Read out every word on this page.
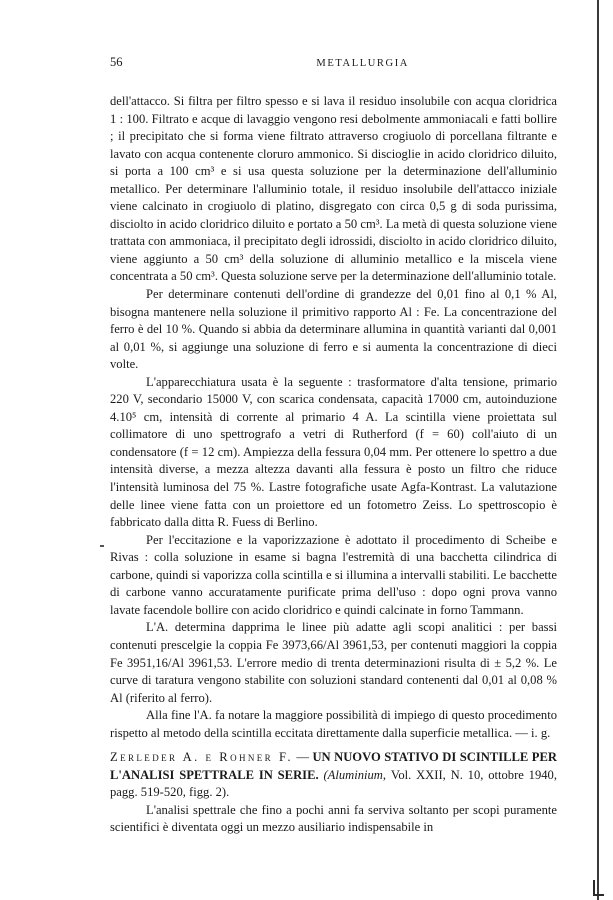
56	METALLURGIA

dell'attacco. Si filtra per filtro spesso e si lava il residuo insolubile con acqua cloridrica 1 : 100. Filtrato e acque di lavaggio vengono resi debolmente ammoniacali e fatti bollire ; il precipitato che si forma viene filtrato attraverso crogiuolo di porcellana filtrante e lavato con acqua contenente cloruro ammonico. Si discioglie in acido cloridrico diluito, si porta a 100 cm³ e si usa questa soluzione per la determinazione dell'alluminio metallico. Per determinare l'alluminio totale, il residuo insolubile dell'attacco iniziale viene calcinato in crogiuolo di platino, disgregato con circa 0,5 g di soda purissima, disciolto in acido cloridrico diluito e portato a 50 cm³. La metà di questa soluzione viene trattata con ammoniaca, il precipitato degli idrossidi, disciolto in acido cloridrico diluito, viene aggiunto a 50 cm³ della soluzione di alluminio metallico e la miscela viene concentrata a 50 cm³. Questa soluzione serve per la determinazione dell'alluminio totale.

Per determinare contenuti dell'ordine di grandezze del 0,01 fino al 0,1 % Al, bisogna mantenere nella soluzione il primitivo rapporto Al : Fe. La concentrazione del ferro è del 10 %. Quando si abbia da determinare allumina in quantità varianti dal 0,001 al 0,01 %, si aggiunge una soluzione di ferro e si aumenta la concentrazione di dieci volte.

L'apparecchiatura usata è la seguente : trasformatore d'alta tensione, primario 220 V, secondario 15000 V, con scarica condensata, capacità 17000 cm, autoinduzione 4.10⁵ cm, intensità di corrente al primario 4 A. La scintilla viene proiettata sul collimatore di uno spettrografo a vetri di Rutherford (f = 60) coll'aiuto di un condensatore (f = 12 cm). Ampiezza della fessura 0,04 mm. Per ottenere lo spettro a due intensità diverse, a mezza altezza davanti alla fessura è posto un filtro che riduce l'intensità luminosa del 75 %. Lastre fotografiche usate Agfa-Kontrast. La valutazione delle linee viene fatta con un proiettore ed un fotometro Zeiss. Lo spettroscopio è fabbricato dalla ditta R. Fuess di Berlino.

Per l'eccitazione e la vaporizzazione è adottato il procedimento di Scheibe e Rivas : colla soluzione in esame si bagna l'estremità di una bacchetta cilindrica di carbone, quindi si vaporizza colla scintilla e si illumina a intervalli stabiliti. Le bacchette di carbone vanno accuratamente purificate prima dell'uso : dopo ogni prova vanno lavate facendole bollire con acido cloridrico e quindi calcinate in forno Tammann.

L'A. determina dapprima le linee più adatte agli scopi analitici : per bassi contenuti prescelgie la coppia Fe 3973,66/Al 3961,53, per contenuti maggiori la coppia Fe 3951,16/Al 3961,53. L'errore medio di trenta determinazioni risulta di ± 5,2 %. Le curve di taratura vengono stabilite con soluzioni standard contenenti dal 0,01 al 0,08 % Al (riferito al ferro).

Alla fine l'A. fa notare la maggiore possibilità di impiego di questo procedimento rispetto al metodo della scintilla eccitata direttamente dalla superficie metallica. — i. g.

Zerleder A. e Rohner F. — UN NUOVO STATIVO DI SCINTILLE PER L'ANALISI SPETTRALE IN SERIE. (Aluminium, Vol. XXII, N. 10, ottobre 1940, pagg. 519-520, figg. 2).

L'analisi spettrale che fino a pochi anni fa serviva soltanto per scopi puramente scientifici è diventata oggi un mezzo ausiliario indispensabile in
